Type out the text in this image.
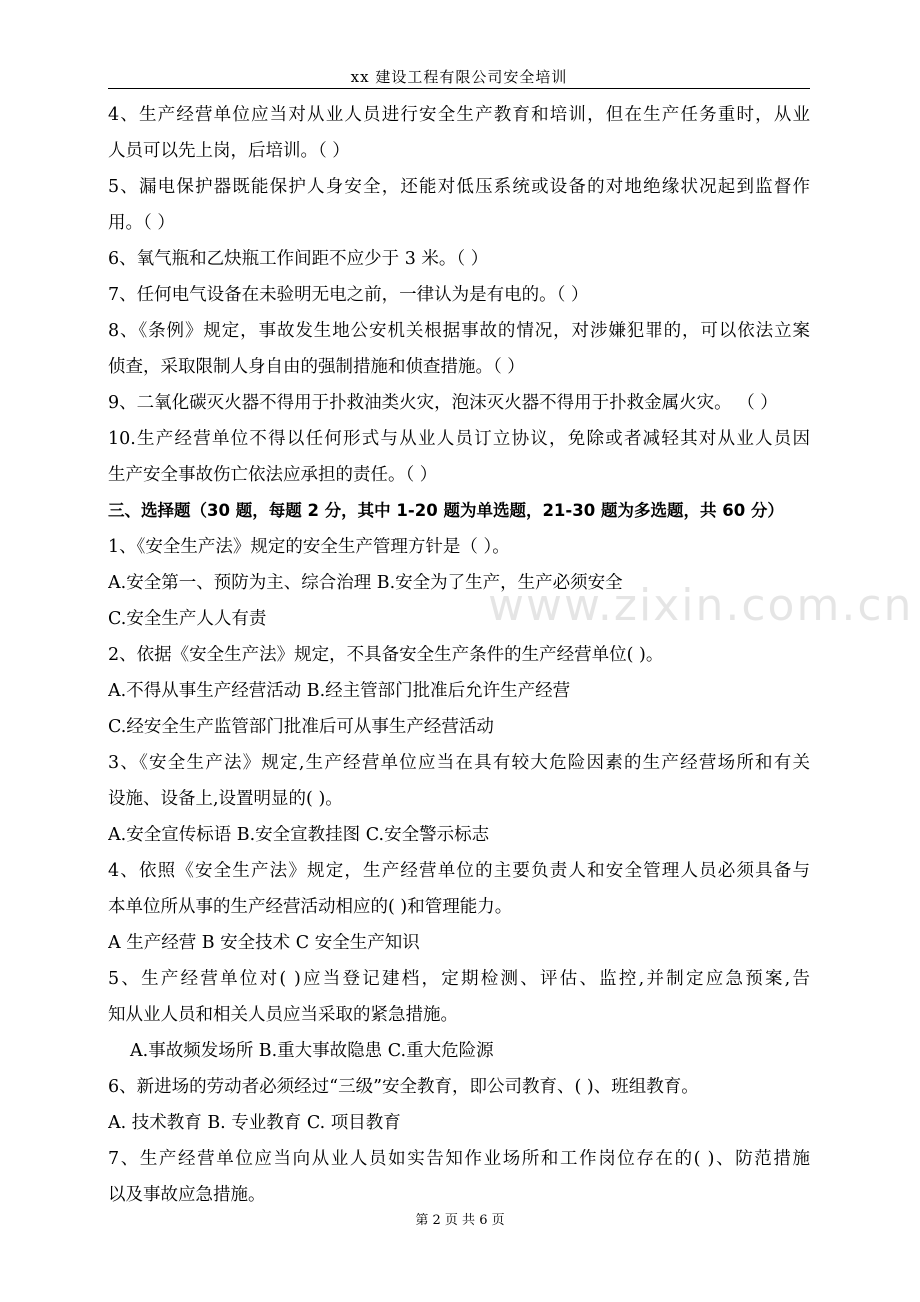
xx 建设工程有限公司安全培训
4、生产经营单位应当对从业人员进行安全生产教育和培训，但在生产任务重时，从业
人员可以先上岗，后培训。（ ）
5、漏电保护器既能保护人身安全，还能对低压系统或设备的对地绝缘状况起到监督作
用。（ ）
6、氧气瓶和乙炔瓶工作间距不应少于 3 米。（ ）
7、任何电气设备在未验明无电之前，一律认为是有电的。（ ）
8、《条例》规定，事故发生地公安机关根据事故的情况，对涉嫌犯罪的，可以依法立案
侦查，采取限制人身自由的强制措施和侦查措施。（ ）
9、二氧化碳灭火器不得用于扑救油类火灾，泡沫灭火器不得用于扑救金属火灾。 （ ）
10.生产经营单位不得以任何形式与从业人员订立协议，免除或者减轻其对从业人员因
生产安全事故伤亡依法应承担的责任。（ ）
三、选择题（30 题，每题 2 分，其中 1-20 题为单选题，21-30 题为多选题，共 60 分）
1、《安全生产法》规定的安全生产管理方针是（ ）。
A.安全第一、预防为主、综合治理 B.安全为了生产，生产必须安全
C.安全生产人人有责
2、依据《安全生产法》规定，不具备安全生产条件的生产经营单位( )。
A.不得从事生产经营活动 B.经主管部门批准后允许生产经营
C.经安全生产监管部门批准后可从事生产经营活动
3、《安全生产法》规定,生产经营单位应当在具有较大危险因素的生产经营场所和有关
设施、设备上,设置明显的( )。
A.安全宣传标语 B.安全宣教挂图 C.安全警示标志
4、依照《安全生产法》规定，生产经营单位的主要负责人和安全管理人员必须具备与
本单位所从事的生产经营活动相应的( )和管理能力。
A 生产经营 B 安全技术 C 安全生产知识
5、生产经营单位对( )应当登记建档，定期检测、评估、监控,并制定应急预案,告
知从业人员和相关人员应当采取的紧急措施。
A.事故频发场所 B.重大事故隐患 C.重大危险源
6、新进场的劳动者必须经过“三级”安全教育，即公司教育、( )、班组教育。
A. 技术教育 B. 专业教育 C. 项目教育
7、生产经营单位应当向从业人员如实告知作业场所和工作岗位存在的( )、防范措施
以及事故应急措施。
www.zixin.com.cn
第 2 页 共 6 页
